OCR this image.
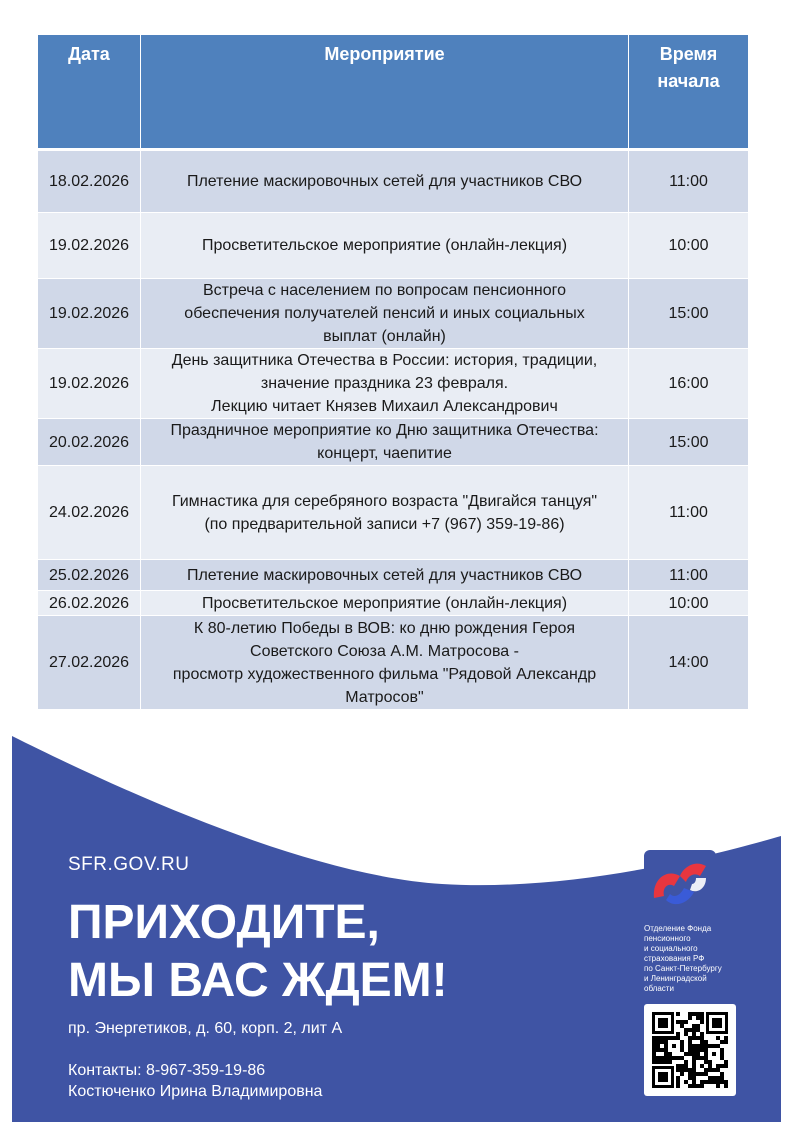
Дата	Мероприятие	Время
начала
18.02.2026	Плетение маскировочных сетей для участников СВО	11:00
19.02.2026	Просветительское мероприятие (онлайн-лекция)	10:00
19.02.2026	Встреча с населением по вопросам пенсионного
обеспечения получателей пенсий и иных социальных
выплат (онлайн)	15:00
19.02.2026	День защитника Отечества в России: история, традиции,
значение праздника 23 февраля.
Лекцию читает Князев Михаил Александрович	16:00
20.02.2026	Праздничное мероприятие ко Дню защитника Отечества:
концерт, чаепитие	15:00
24.02.2026	Гимнастика для серебряного возраста "Двигайся танцуя"
(по предварительной записи +7 (967) 359-19-86)	11:00
25.02.2026	Плетение маскировочных сетей для участников СВО	11:00
26.02.2026	Просветительское мероприятие (онлайн-лекция)	10:00
27.02.2026	К 80-летию Победы в ВОВ: ко дню рождения Героя
Советского Союза А.М. Матросова -
просмотр художественного фильма "Рядовой Александр
Матросов"	14:00
SFR.GOV.RU
ПРИХОДИТЕ,
МЫ ВАС ЖДЕМ!
пр. Энергетиков, д. 60, корп. 2, лит А
Контакты: 8-967-359-19-86
Костюченко Ирина Владимировна
Отделение Фонда
пенсионного
и социального
страхования РФ
по Санкт-Петербургу
и Ленинградской
области
